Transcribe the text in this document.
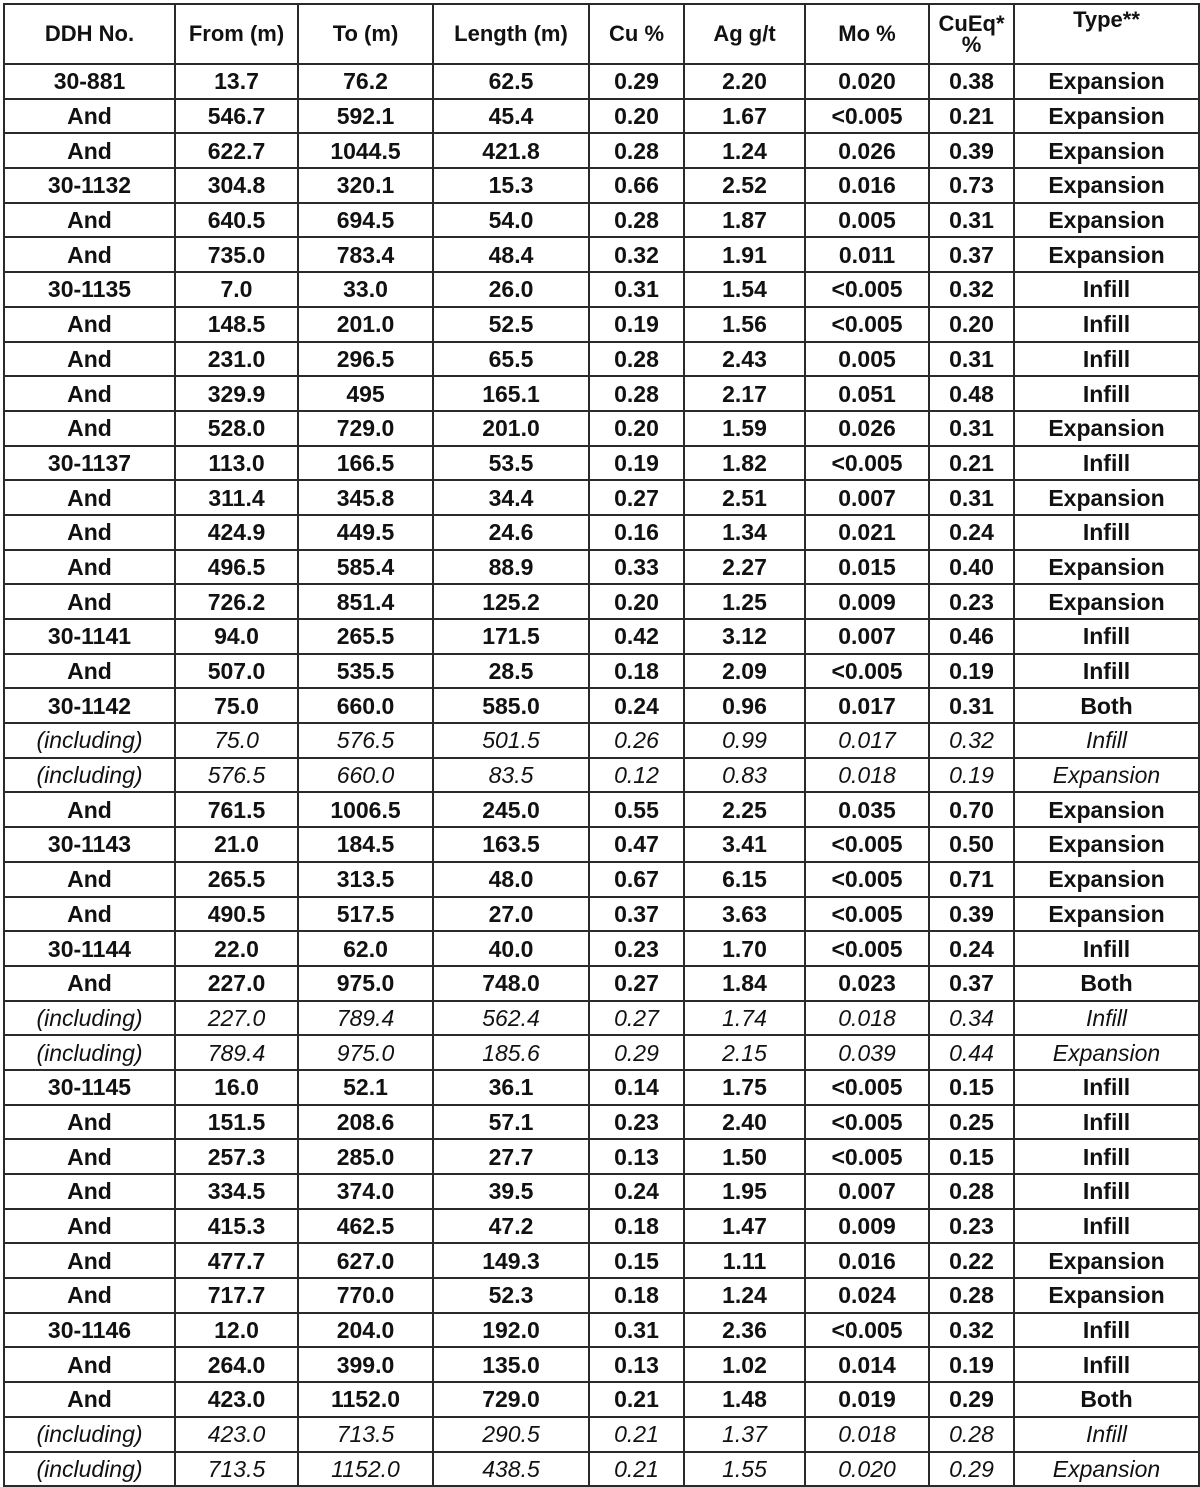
DDH No.	From (m)	To (m)	Length (m)	Cu %	Ag g/t	Mo %	CuEq* %	Type**
30-881	13.7	76.2	62.5	0.29	2.20	0.020	0.38	Expansion
And	546.7	592.1	45.4	0.20	1.67	<0.005	0.21	Expansion
And	622.7	1044.5	421.8	0.28	1.24	0.026	0.39	Expansion
30-1132	304.8	320.1	15.3	0.66	2.52	0.016	0.73	Expansion
And	640.5	694.5	54.0	0.28	1.87	0.005	0.31	Expansion
And	735.0	783.4	48.4	0.32	1.91	0.011	0.37	Expansion
30-1135	7.0	33.0	26.0	0.31	1.54	<0.005	0.32	Infill
And	148.5	201.0	52.5	0.19	1.56	<0.005	0.20	Infill
And	231.0	296.5	65.5	0.28	2.43	0.005	0.31	Infill
And	329.9	495	165.1	0.28	2.17	0.051	0.48	Infill
And	528.0	729.0	201.0	0.20	1.59	0.026	0.31	Expansion
30-1137	113.0	166.5	53.5	0.19	1.82	<0.005	0.21	Infill
And	311.4	345.8	34.4	0.27	2.51	0.007	0.31	Expansion
And	424.9	449.5	24.6	0.16	1.34	0.021	0.24	Infill
And	496.5	585.4	88.9	0.33	2.27	0.015	0.40	Expansion
And	726.2	851.4	125.2	0.20	1.25	0.009	0.23	Expansion
30-1141	94.0	265.5	171.5	0.42	3.12	0.007	0.46	Infill
And	507.0	535.5	28.5	0.18	2.09	<0.005	0.19	Infill
30-1142	75.0	660.0	585.0	0.24	0.96	0.017	0.31	Both
(including)	75.0	576.5	501.5	0.26	0.99	0.017	0.32	Infill
(including)	576.5	660.0	83.5	0.12	0.83	0.018	0.19	Expansion
And	761.5	1006.5	245.0	0.55	2.25	0.035	0.70	Expansion
30-1143	21.0	184.5	163.5	0.47	3.41	<0.005	0.50	Expansion
And	265.5	313.5	48.0	0.67	6.15	<0.005	0.71	Expansion
And	490.5	517.5	27.0	0.37	3.63	<0.005	0.39	Expansion
30-1144	22.0	62.0	40.0	0.23	1.70	<0.005	0.24	Infill
And	227.0	975.0	748.0	0.27	1.84	0.023	0.37	Both
(including)	227.0	789.4	562.4	0.27	1.74	0.018	0.34	Infill
(including)	789.4	975.0	185.6	0.29	2.15	0.039	0.44	Expansion
30-1145	16.0	52.1	36.1	0.14	1.75	<0.005	0.15	Infill
And	151.5	208.6	57.1	0.23	2.40	<0.005	0.25	Infill
And	257.3	285.0	27.7	0.13	1.50	<0.005	0.15	Infill
And	334.5	374.0	39.5	0.24	1.95	0.007	0.28	Infill
And	415.3	462.5	47.2	0.18	1.47	0.009	0.23	Infill
And	477.7	627.0	149.3	0.15	1.11	0.016	0.22	Expansion
And	717.7	770.0	52.3	0.18	1.24	0.024	0.28	Expansion
30-1146	12.0	204.0	192.0	0.31	2.36	<0.005	0.32	Infill
And	264.0	399.0	135.0	0.13	1.02	0.014	0.19	Infill
And	423.0	1152.0	729.0	0.21	1.48	0.019	0.29	Both
(including)	423.0	713.5	290.5	0.21	1.37	0.018	0.28	Infill
(including)	713.5	1152.0	438.5	0.21	1.55	0.020	0.29	Expansion
